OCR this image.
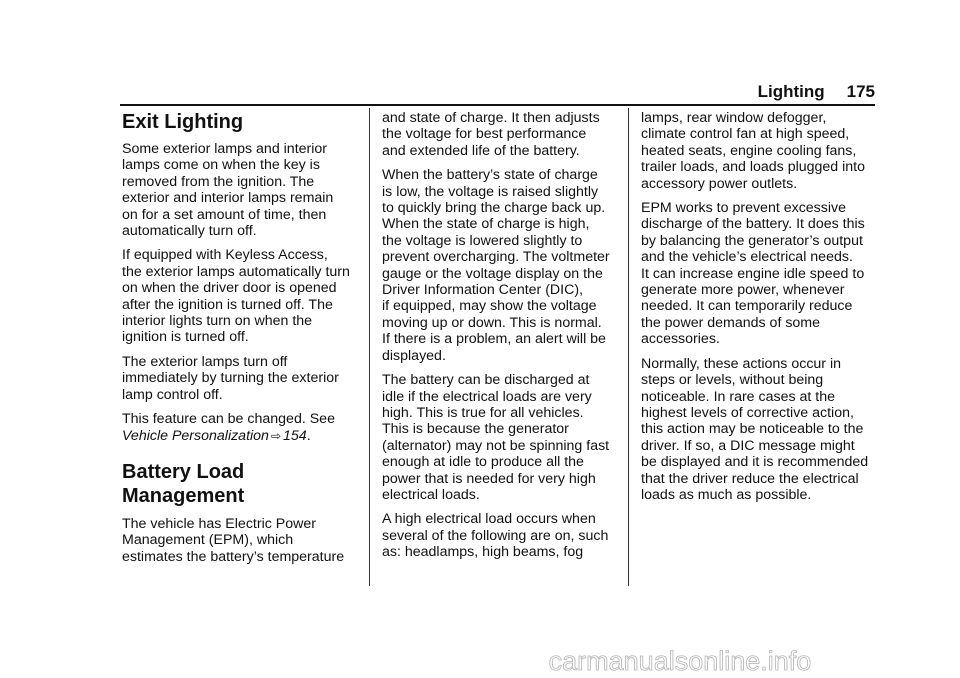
Lighting 175
Exit Lighting

Some exterior lamps and interior
lamps come on when the key is
removed from the ignition. The
exterior and interior lamps remain
on for a set amount of time, then
automatically turn off.

If equipped with Keyless Access,
the exterior lamps automatically turn
on when the driver door is opened
after the ignition is turned off. The
interior lights turn on when the
ignition is turned off.

The exterior lamps turn off
immediately by turning the exterior
lamp control off.

This feature can be changed. See
Vehicle Personalization ⇨ 154.

Battery Load
Management

The vehicle has Electric Power
Management (EPM), which
estimates the battery’s temperature

and state of charge. It then adjusts
the voltage for best performance
and extended life of the battery.

When the battery’s state of charge
is low, the voltage is raised slightly
to quickly bring the charge back up.
When the state of charge is high,
the voltage is lowered slightly to
prevent overcharging. The voltmeter
gauge or the voltage display on the
Driver Information Center (DIC),
if equipped, may show the voltage
moving up or down. This is normal.
If there is a problem, an alert will be
displayed.

The battery can be discharged at
idle if the electrical loads are very
high. This is true for all vehicles.
This is because the generator
(alternator) may not be spinning fast
enough at idle to produce all the
power that is needed for very high
electrical loads.

A high electrical load occurs when
several of the following are on, such
as: headlamps, high beams, fog

lamps, rear window defogger,
climate control fan at high speed,
heated seats, engine cooling fans,
trailer loads, and loads plugged into
accessory power outlets.

EPM works to prevent excessive
discharge of the battery. It does this
by balancing the generator’s output
and the vehicle’s electrical needs.
It can increase engine idle speed to
generate more power, whenever
needed. It can temporarily reduce
the power demands of some
accessories.

Normally, these actions occur in
steps or levels, without being
noticeable. In rare cases at the
highest levels of corrective action,
this action may be noticeable to the
driver. If so, a DIC message might
be displayed and it is recommended
that the driver reduce the electrical
loads as much as possible.

carmanualsonline.info
